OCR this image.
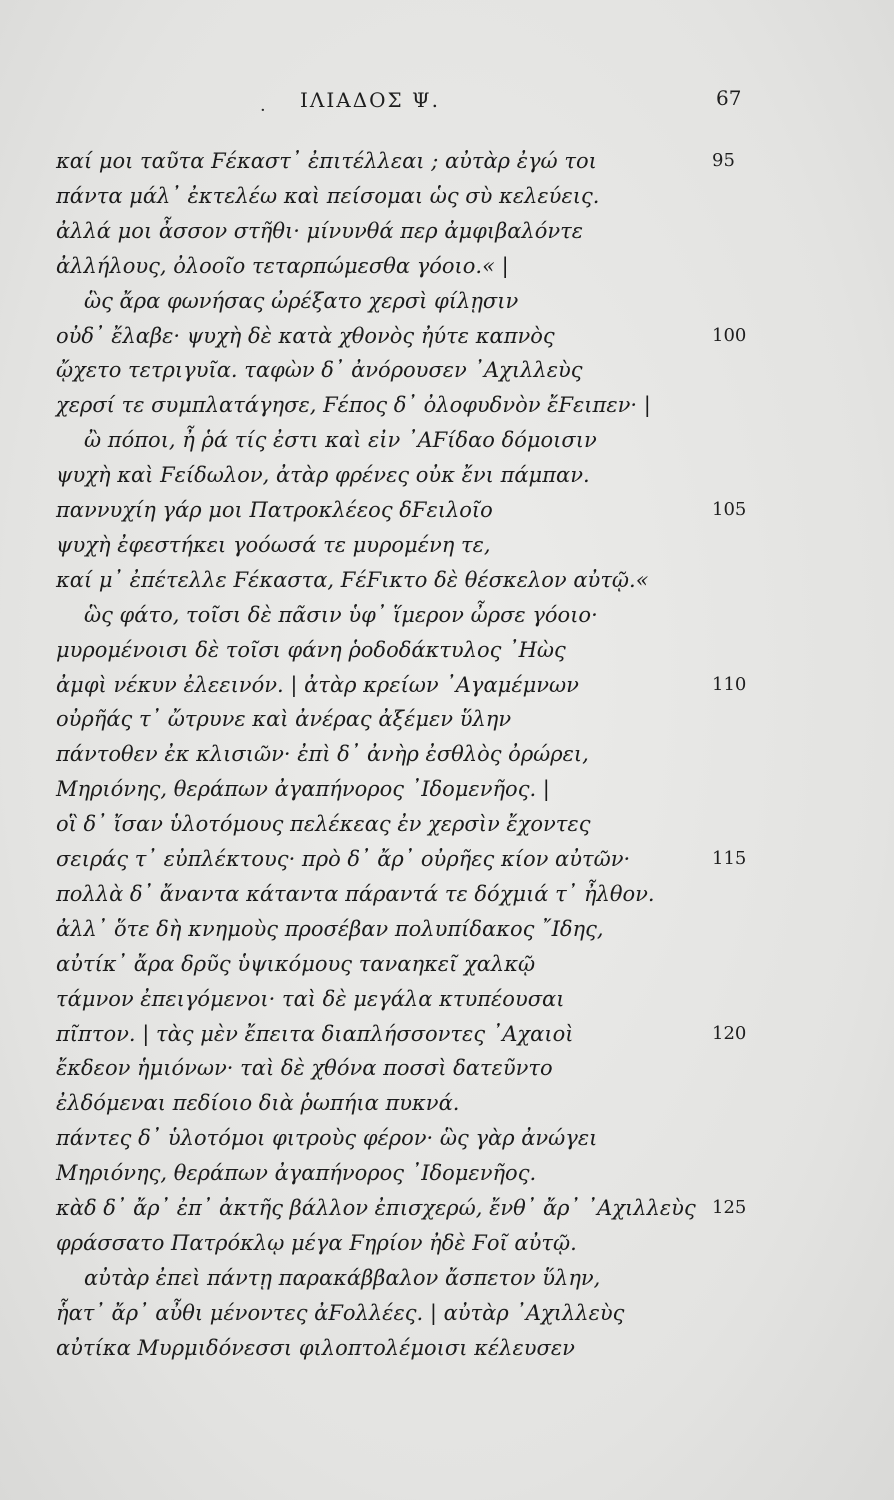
· ΙΛΙΑΔΟΣ Ψ.	67
καί μοι ταῦτα Ϝέκαστ᾽ ἐπιτέλλεαι ; αὐτὰρ ἐγώ τοι	95
πάντα μάλ᾽ ἐκτελέω καὶ πείσομαι ὡς σὺ κελεύεις.
ἀλλά μοι ἆσσον στῆθι· μίνυνθά περ ἀμφιβαλόντε
ἀλλήλους, ὀλοοῖο τεταρπώμεσθα γόοιο.« |
ὣς ἄρα φωνήσας ὠρέξατο χερσὶ φίλῃσιν
οὐδ᾽ ἔλαβε· ψυχὴ δὲ κατὰ χθονὸς ἠύτε καπνὸς	100
ᾤχετο τετριγυῖα. ταφὼν δ᾽ ἀνόρουσεν ᾿Αχιλλεὺς
χερσί τε συμπλατάγησε, Ϝέπος δ᾽ ὀλοφυδνὸν ἔϜειπεν· |
ὢ πόποι, ἦ ῥά τίς ἐστι καὶ εἰν ᾿ΑϜίδαο δόμοισιν
ψυχὴ καὶ Ϝείδωλον, ἀτὰρ φρένες οὐκ ἔνι πάμπαν.
παννυχίη γάρ μοι Πατροκλέεος δϜειλοῖο	105
ψυχὴ ἐφεστήκει γοόωσά τε μυρομένη τε,
καί μ᾽ ἐπέτελλε Ϝέκαστα, ϜέϜικτο δὲ θέσκελον αὐτῷ.«
ὣς φάτο, τοῖσι δὲ πᾶσιν ὑφ᾽ ἵμερον ὦρσε γόοιο·
μυρομένοισι δὲ τοῖσι φάνη ῥοδοδάκτυλος ᾿Ηὼς
ἀμφὶ νέκυν ἐλεεινόν. | ἀτὰρ κρείων ᾿Αγαμέμνων	110
οὐρῆάς τ᾽ ὤτρυνε καὶ ἀνέρας ἀξέμεν ὕλην
πάντοθεν ἐκ κλισιῶν· ἐπὶ δ᾽ ἀνὴρ ἐσθλὸς ὀρώρει,
Μηριόνης, θεράπων ἀγαπήνορος ᾿Ιδομενῆος. |
οἳ δ᾽ ἴσαν ὑλοτόμους πελέκεας ἐν χερσὶν ἔχοντες
σειράς τ᾽ εὐπλέκτους· πρὸ δ᾽ ἄρ᾽ οὐρῆες κίον αὐτῶν·	115
πολλὰ δ᾽ ἄναντα κάταντα πάραντά τε δόχμιά τ᾽ ἦλθον.
ἀλλ᾽ ὅτε δὴ κνημοὺς προσέβαν πολυπίδακος ῎Ιδης,
αὐτίκ᾽ ἄρα δρῦς ὑψικόμους ταναηκεῖ χαλκῷ
τάμνον ἐπειγόμενοι· ταὶ δὲ μεγάλα κτυπέουσαι
πῖπτον. | τὰς μὲν ἔπειτα διαπλήσσοντες ᾿Αχαιοὶ	120
ἔκδεον ἡμιόνων· ταὶ δὲ χθόνα ποσσὶ δατεῦντο
ἐλδόμεναι πεδίοιο διὰ ῥωπήια πυκνά.
πάντες δ᾽ ὑλοτόμοι φιτροὺς φέρον· ὣς γὰρ ἀνώγει
Μηριόνης, θεράπων ἀγαπήνορος ᾿Ιδομενῆος.
κὰδ δ᾽ ἄρ᾽ ἐπ᾽ ἀκτῆς βάλλον ἐπισχερώ, ἔνθ᾽ ἄρ᾽ ᾿Αχιλλεὺς 125
φράσσατο Πατρόκλῳ μέγα Ϝηρίον ἠδὲ Ϝοῖ αὐτῷ.
αὐτὰρ ἐπεὶ πάντῃ παρακάββαλον ἄσπετον ὕλην,
ἧατ᾽ ἄρ᾽ αὖθι μένοντες ἀϜολλέες. | αὐτὰρ ᾿Αχιλλεὺς
αὐτίκα Μυρμιδόνεσσι φιλοπτολέμοισι κέλευσεν
